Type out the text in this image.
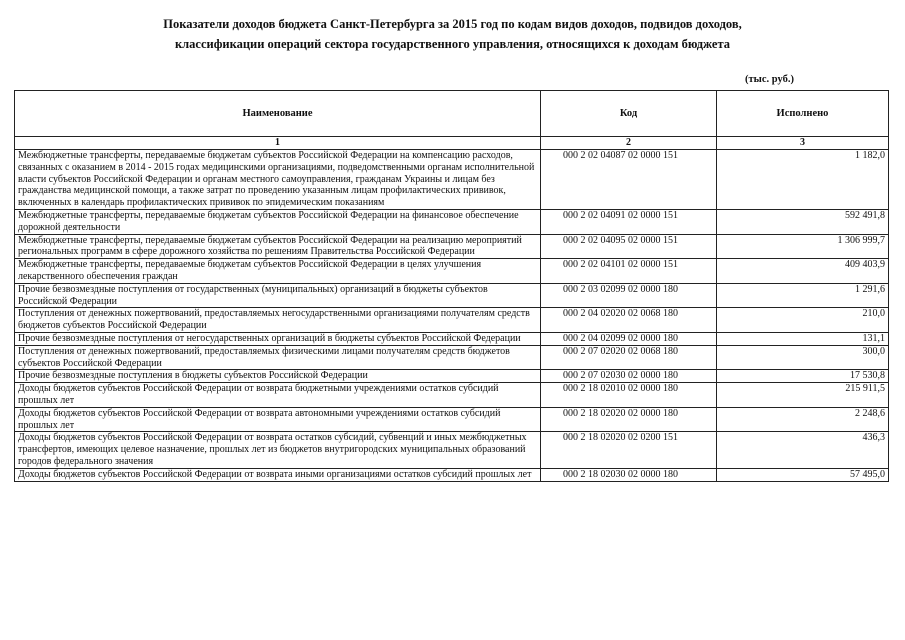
Показатели доходов бюджета Санкт-Петербурга за 2015 год по кодам видов доходов, подвидов доходов,
классификации операций сектора государственного управления, относящихся к доходам бюджета
(тыс. руб.)
Наименование	Код	Исполнено
1	2	3
Межбюджетные трансферты, передаваемые бюджетам субъектов Российской Федерации на компенсацию расходов, связанных с оказанием в 2014 - 2015 годах медицинскими организациями, подведомственными органам исполнительной власти субъектов Российской Федерации и органам местного самоуправления, гражданам Украины и лицам без гражданства медицинской помощи, а также затрат по проведению указанным лицам профилактических прививок, включенных в календарь профилактических прививок по эпидемическим показаниям	000 2 02 04087 02 0000 151	1 182,0
Межбюджетные трансферты, передаваемые бюджетам субъектов Российской Федерации на финансовое обеспечение дорожной деятельности	000 2 02 04091 02 0000 151	592 491,8
Межбюджетные трансферты, передаваемые бюджетам субъектов Российской Федерации на реализацию мероприятий региональных программ в сфере дорожного хозяйства по решениям Правительства Российской Федерации	000 2 02 04095 02 0000 151	1 306 999,7
Межбюджетные трансферты, передаваемые бюджетам субъектов Российской Федерации в целях улучшения лекарственного обеспечения граждан	000 2 02 04101 02 0000 151	409 403,9
Прочие безвозмездные поступления от государственных (муниципальных) организаций в бюджеты субъектов Российской Федерации	000 2 03 02099 02 0000 180	1 291,6
Поступления от денежных пожертвований, предоставляемых негосударственными организациями получателям средств бюджетов субъектов Российской Федерации	000 2 04 02020 02 0068 180	210,0
Прочие безвозмездные поступления от негосударственных организаций в бюджеты субъектов Российской Федерации	000 2 04 02099 02 0000 180	131,1
Поступления от денежных пожертвований, предоставляемых физическими лицами получателям средств бюджетов субъектов Российской Федерации	000 2 07 02020 02 0068 180	300,0
Прочие безвозмездные поступления в бюджеты субъектов Российской Федерации	000 2 07 02030 02 0000 180	17 530,8
Доходы бюджетов субъектов Российской Федерации от возврата бюджетными учреждениями остатков субсидий прошлых лет	000 2 18 02010 02 0000 180	215 911,5
Доходы бюджетов субъектов Российской Федерации от возврата автономными учреждениями остатков субсидий прошлых лет	000 2 18 02020 02 0000 180	2 248,6
Доходы бюджетов субъектов Российской Федерации от возврата остатков субсидий, субвенций и иных межбюджетных трансфертов, имеющих целевое назначение, прошлых лет из бюджетов внутригородских муниципальных образований городов федерального значения	000 2 18 02020 02 0200 151	436,3
Доходы бюджетов субъектов Российской Федерации от возврата иными организациями остатков субсидий прошлых лет	000 2 18 02030 02 0000 180	57 495,0
